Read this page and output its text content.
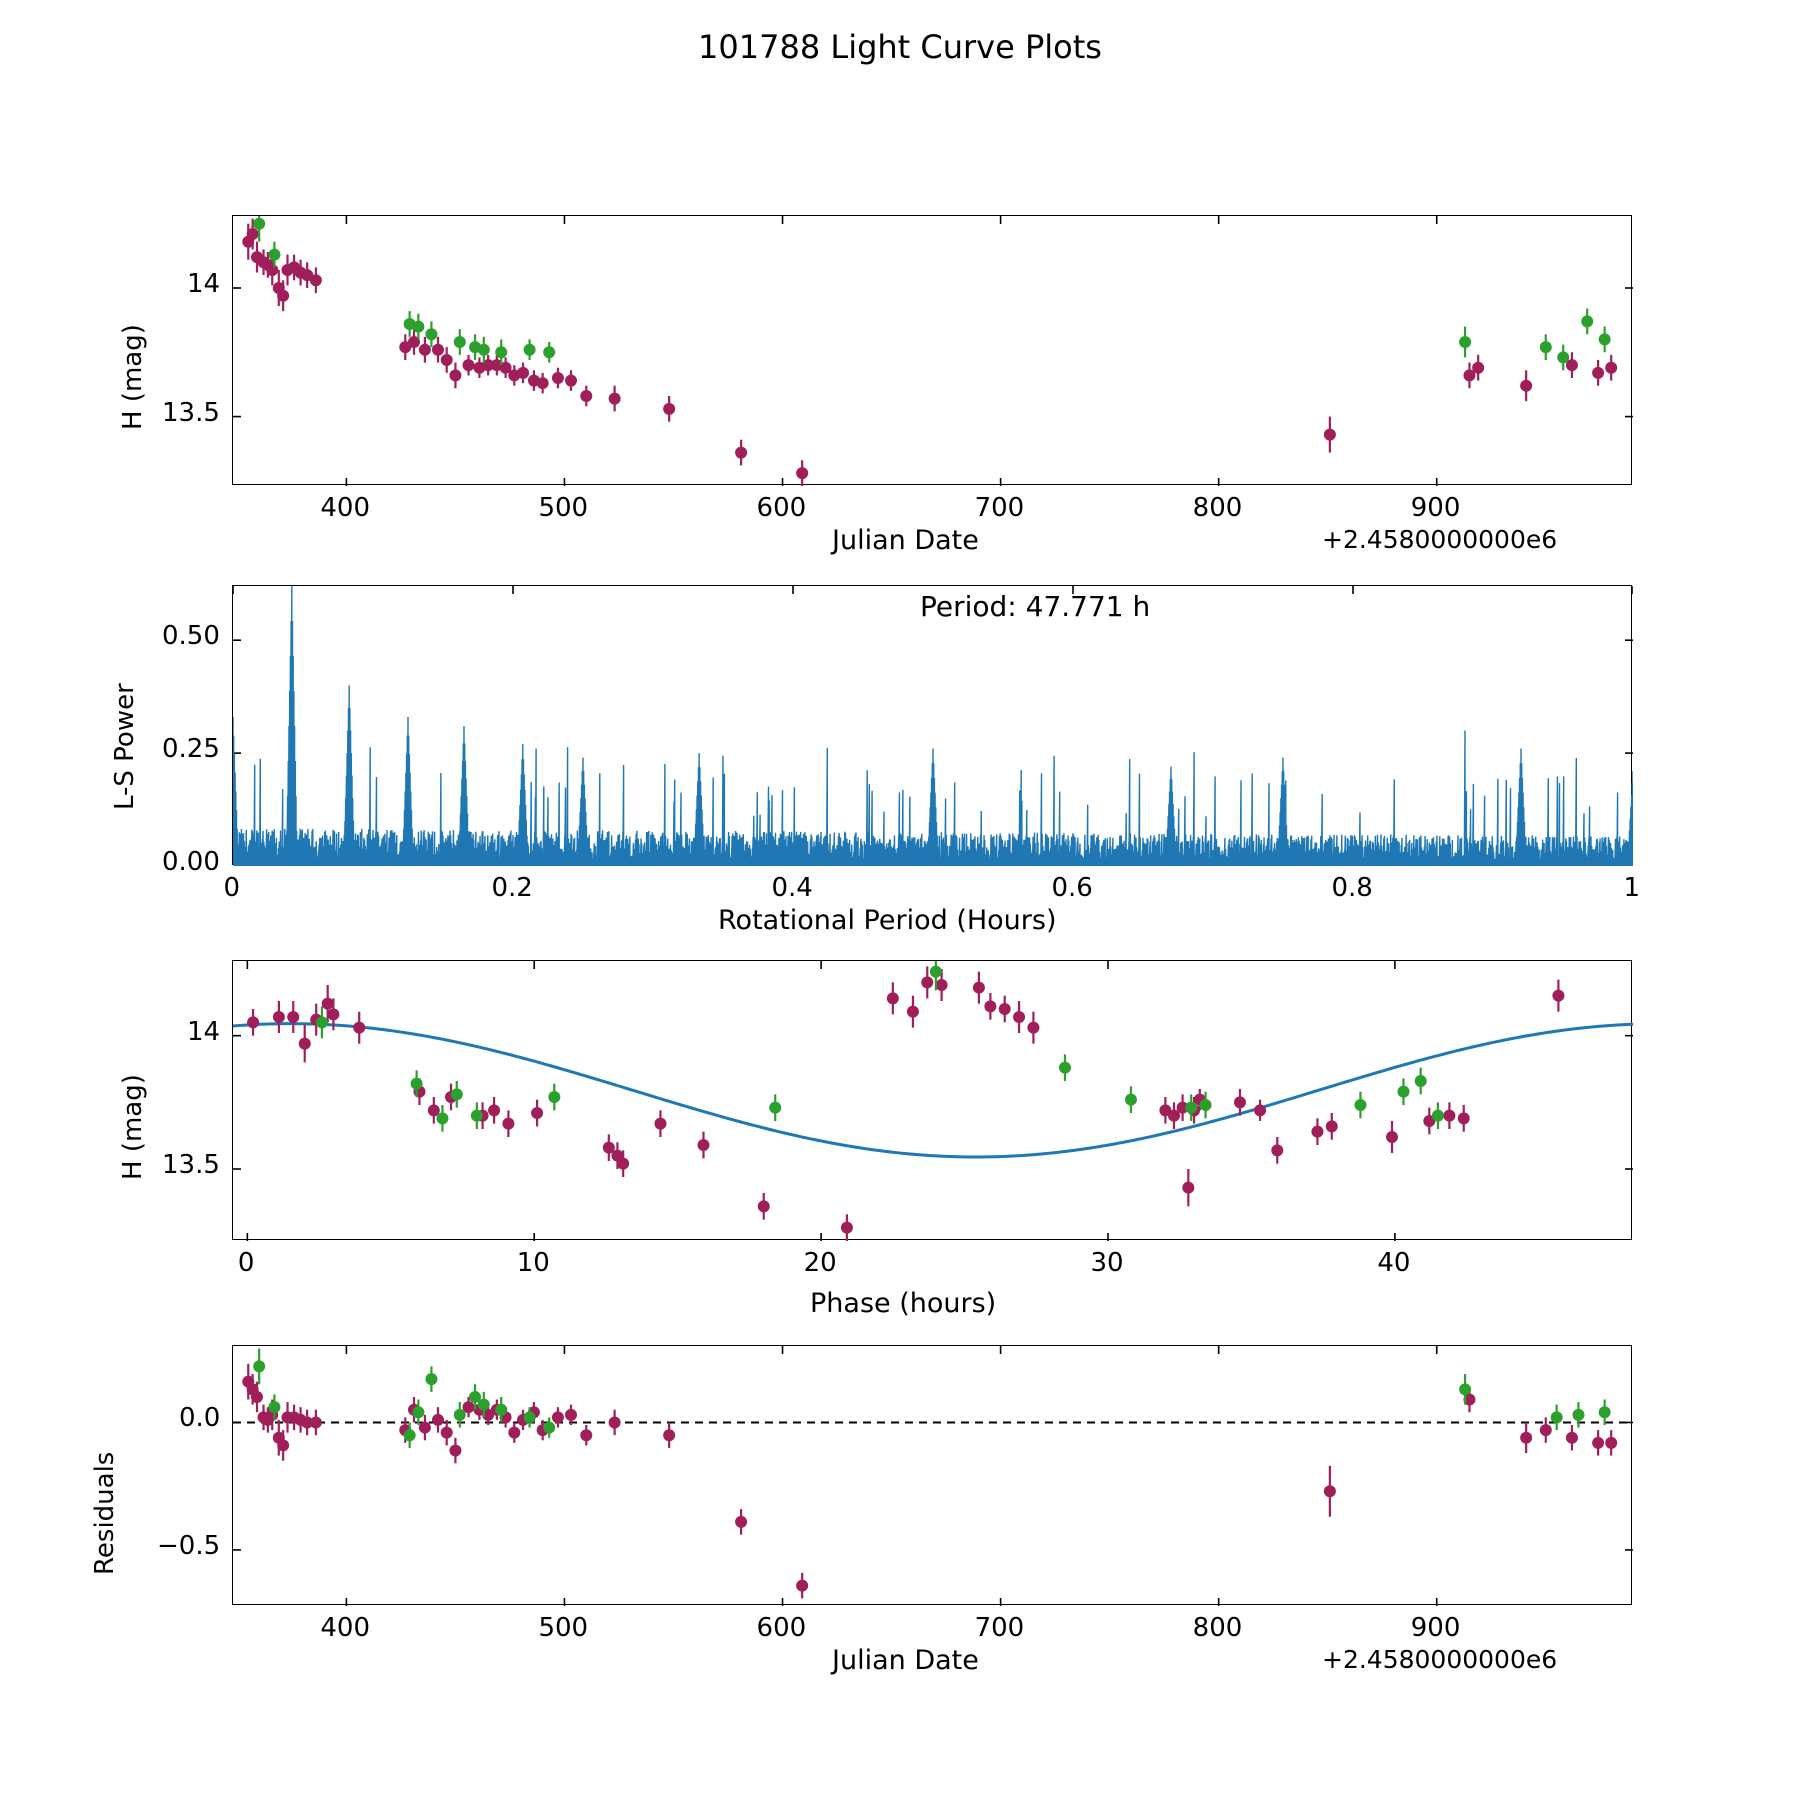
101788 Light Curve Plots
H (mag)
Julian Date	+2.4580000000e6
L-S Power
Rotational Period (Hours)
Period: 47.771 h
H (mag)
Phase (hours)
Residuals
Julian Date	+2.4580000000e6
400	500	600	700	800	900
13.5
14
0	0.2	0.4	0.6	0.8	1
0.00
0.25
0.50
0	10	20	30	40
13.5
14
400	500	600	700	800	900
−0.5
0.0
